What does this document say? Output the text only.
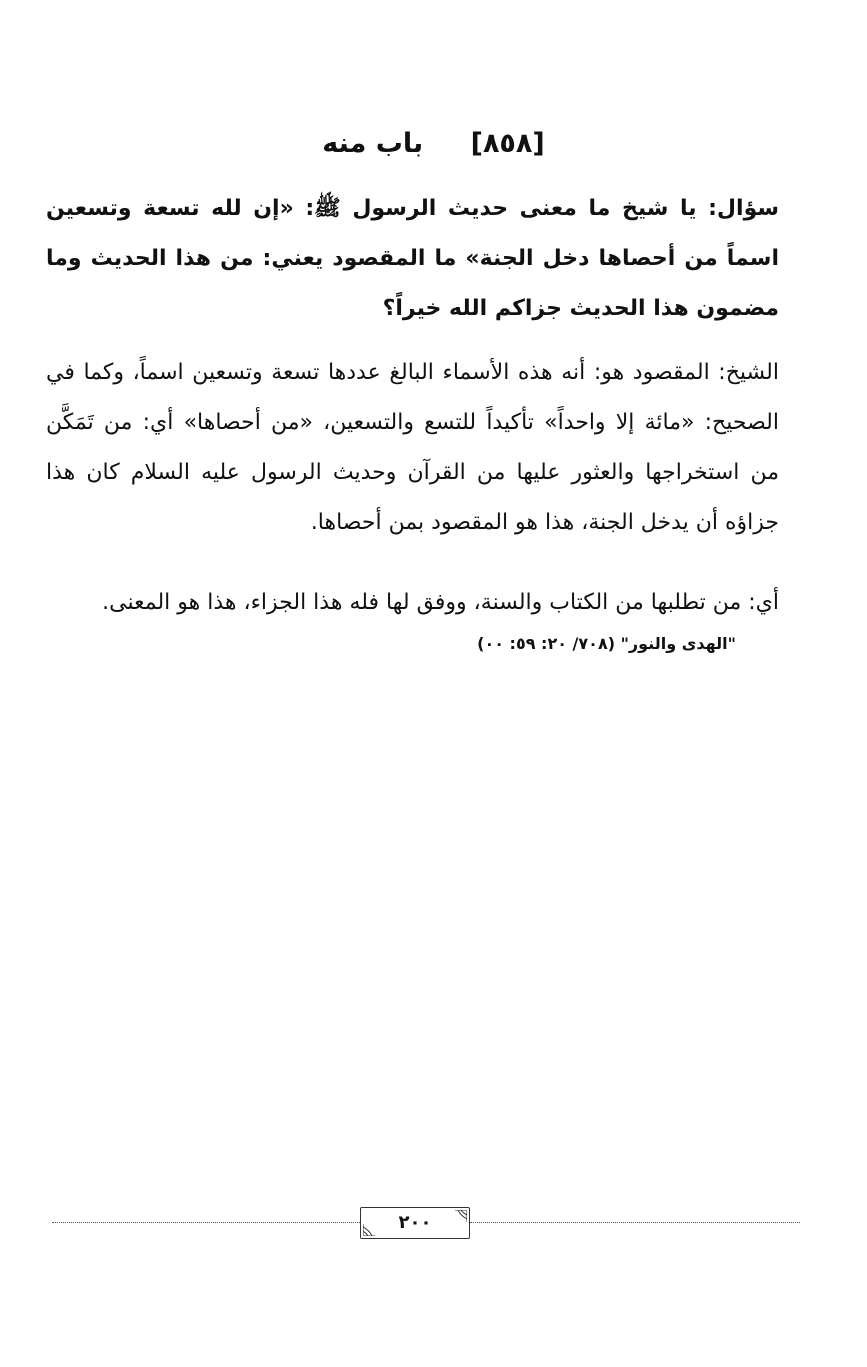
[٨٥٨] باب منه
سؤال: يا شيخ ما معنى حديث الرسول ﷺ: «إن لله تسعة وتسعين اسماً من أحصاها دخل الجنة» ما المقصود يعني: من هذا الحديث وما مضمون هذا الحديث جزاكم الله خيراً؟
الشيخ: المقصود هو: أنه هذه الأسماء البالغ عددها تسعة وتسعين اسماً، وكما في الصحيح: «مائة إلا واحداً» تأكيداً للتسع والتسعين، «من أحصاها» أي: من تَمَكَّن من استخراجها والعثور عليها من القرآن وحديث الرسول عليه السلام كان هذا جزاؤه أن يدخل الجنة، هذا هو المقصود بمن أحصاها.
أي: من تطلبها من الكتاب والسنة، ووفق لها فله هذا الجزاء، هذا هو المعنى.
"الهدى والنور" (٧٠٨/ ٢٠: ٥٩: ٠٠)
٢٠٠
